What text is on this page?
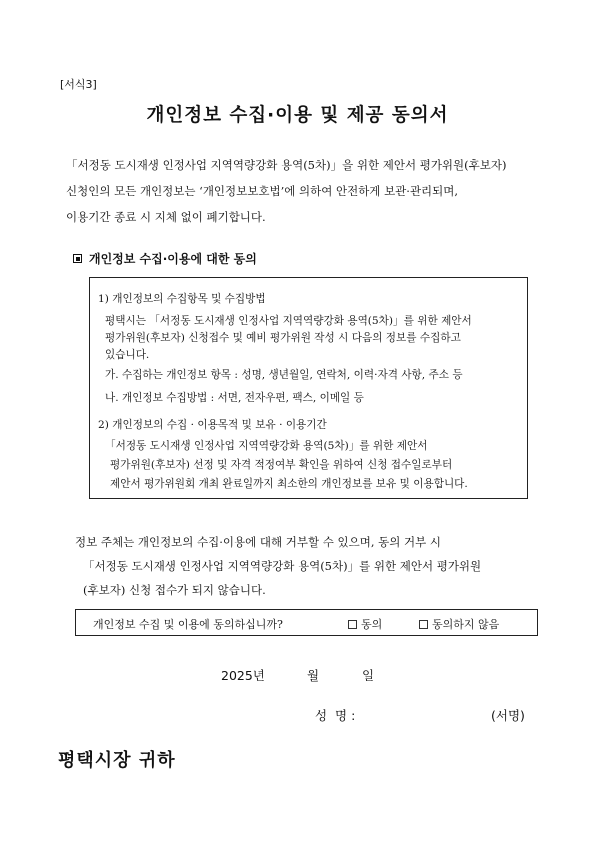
[서식3]
개인정보 수집·이용 및 제공 동의서
「서정동 도시재생 인정사업 지역역량강화 용역(5차)」을 위한 제안서 평가위원(후보자)
신청인의 모든 개인정보는 ‘개인정보보호법’에 의하여 안전하게 보관·관리되며,
이용기간 종료 시 지체 없이 폐기합니다.
개인정보 수집·이용에 대한 동의
1) 개인정보의 수집항목 및 수집방법
평택시는 「서정동 도시재생 인정사업 지역역량강화 용역(5차)」를 위한 제안서
평가위원(후보자) 신청접수 및 예비 평가위원 작성 시 다음의 정보를 수집하고
있습니다.
가. 수집하는 개인정보 항목 : 성명, 생년월일, 연락처, 이력·자격 사항, 주소 등
나. 개인정보 수집방법 : 서면, 전자우편, 팩스, 이메일 등
2) 개인정보의 수집 · 이용목적 및 보유 · 이용기간
「서정동 도시재생 인정사업 지역역량강화 용역(5차)」를 위한 제안서
평가위원(후보자) 선정 및 자격 적정여부 확인을 위하여 신청 접수일로부터
제안서 평가위원회 개최 완료일까지 최소한의 개인정보를 보유 및 이용합니다.
정보 주체는 개인정보의 수집·이용에 대해 거부할 수 있으며, 동의 거부 시
「서정동 도시재생 인정사업 지역역량강화 용역(5차)」를 위한 제안서 평가위원
(후보자) 신청 접수가 되지 않습니다.
개인정보 수집 및 이용에 동의하십니까?	동의	동의하지 않음
2025년	월	일
성  명 :	(서명)
평택시장 귀하
